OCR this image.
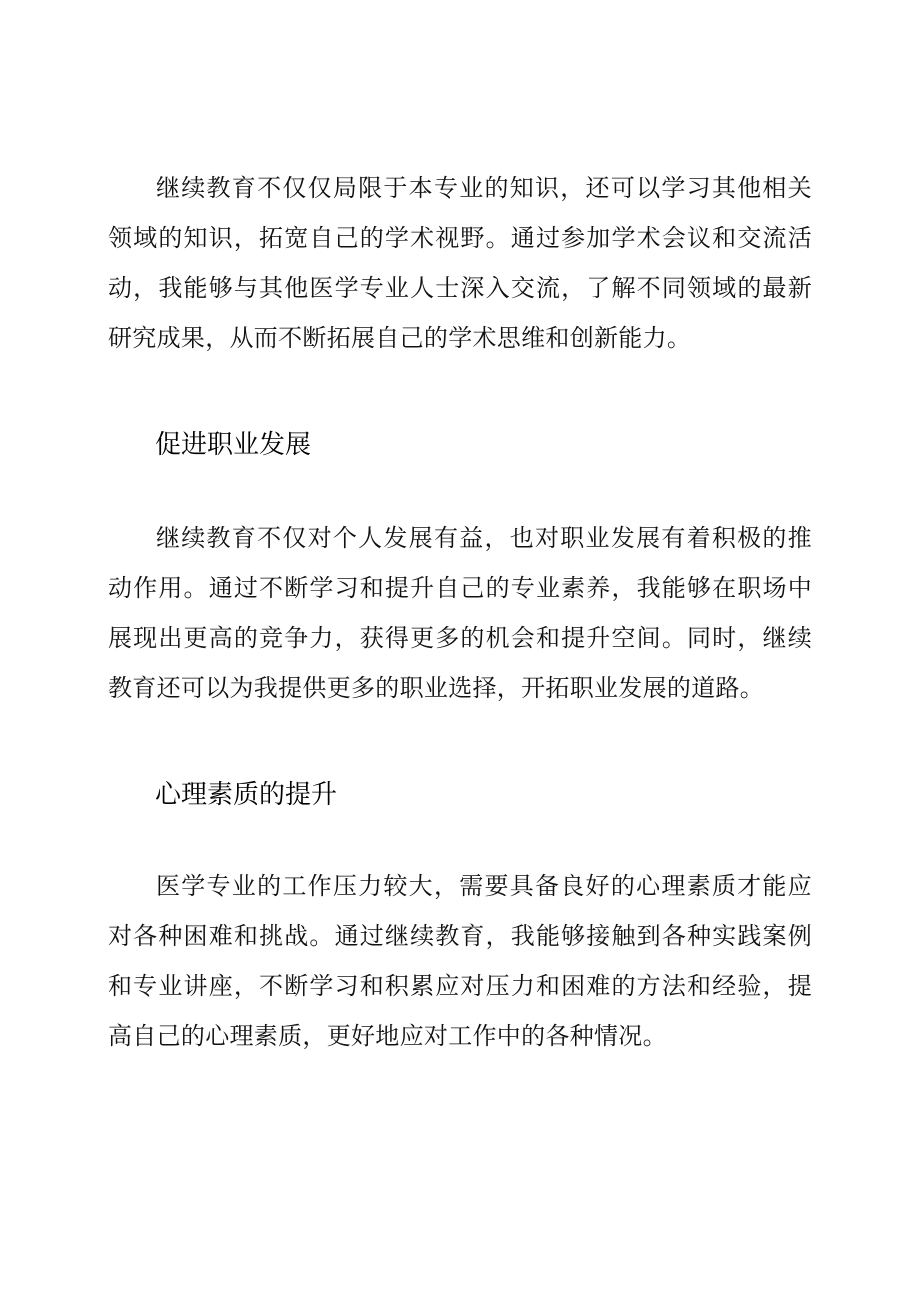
继续教育不仅仅局限于本专业的知识，还可以学习其他相关领域的知识，拓宽自己的学术视野。通过参加学术会议和交流活动，我能够与其他医学专业人士深入交流，了解不同领域的最新研究成果，从而不断拓展自己的学术思维和创新能力。

促进职业发展

继续教育不仅对个人发展有益，也对职业发展有着积极的推动作用。通过不断学习和提升自己的专业素养，我能够在职场中展现出更高的竞争力，获得更多的机会和提升空间。同时，继续教育还可以为我提供更多的职业选择，开拓职业发展的道路。

心理素质的提升

医学专业的工作压力较大，需要具备良好的心理素质才能应对各种困难和挑战。通过继续教育，我能够接触到各种实践案例和专业讲座，不断学习和积累应对压力和困难的方法和经验，提高自己的心理素质，更好地应对工作中的各种情况。
